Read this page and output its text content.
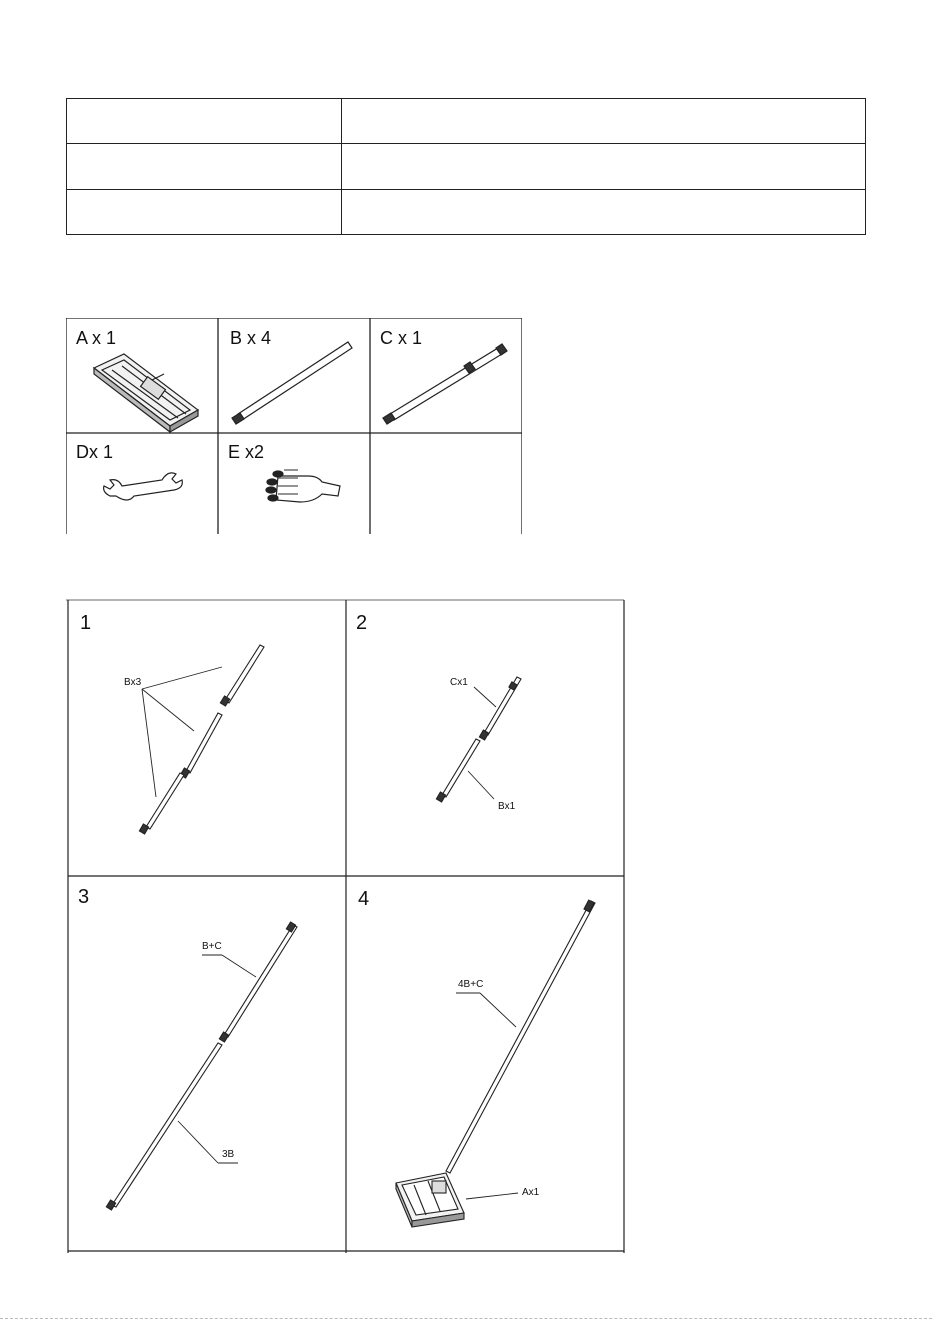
A x 1	B x 4	C x 1
Dx 1	E x2
1
Bx3
2
Cx1
Bx1
3
B+C
3B
4
4B+C
Ax1
